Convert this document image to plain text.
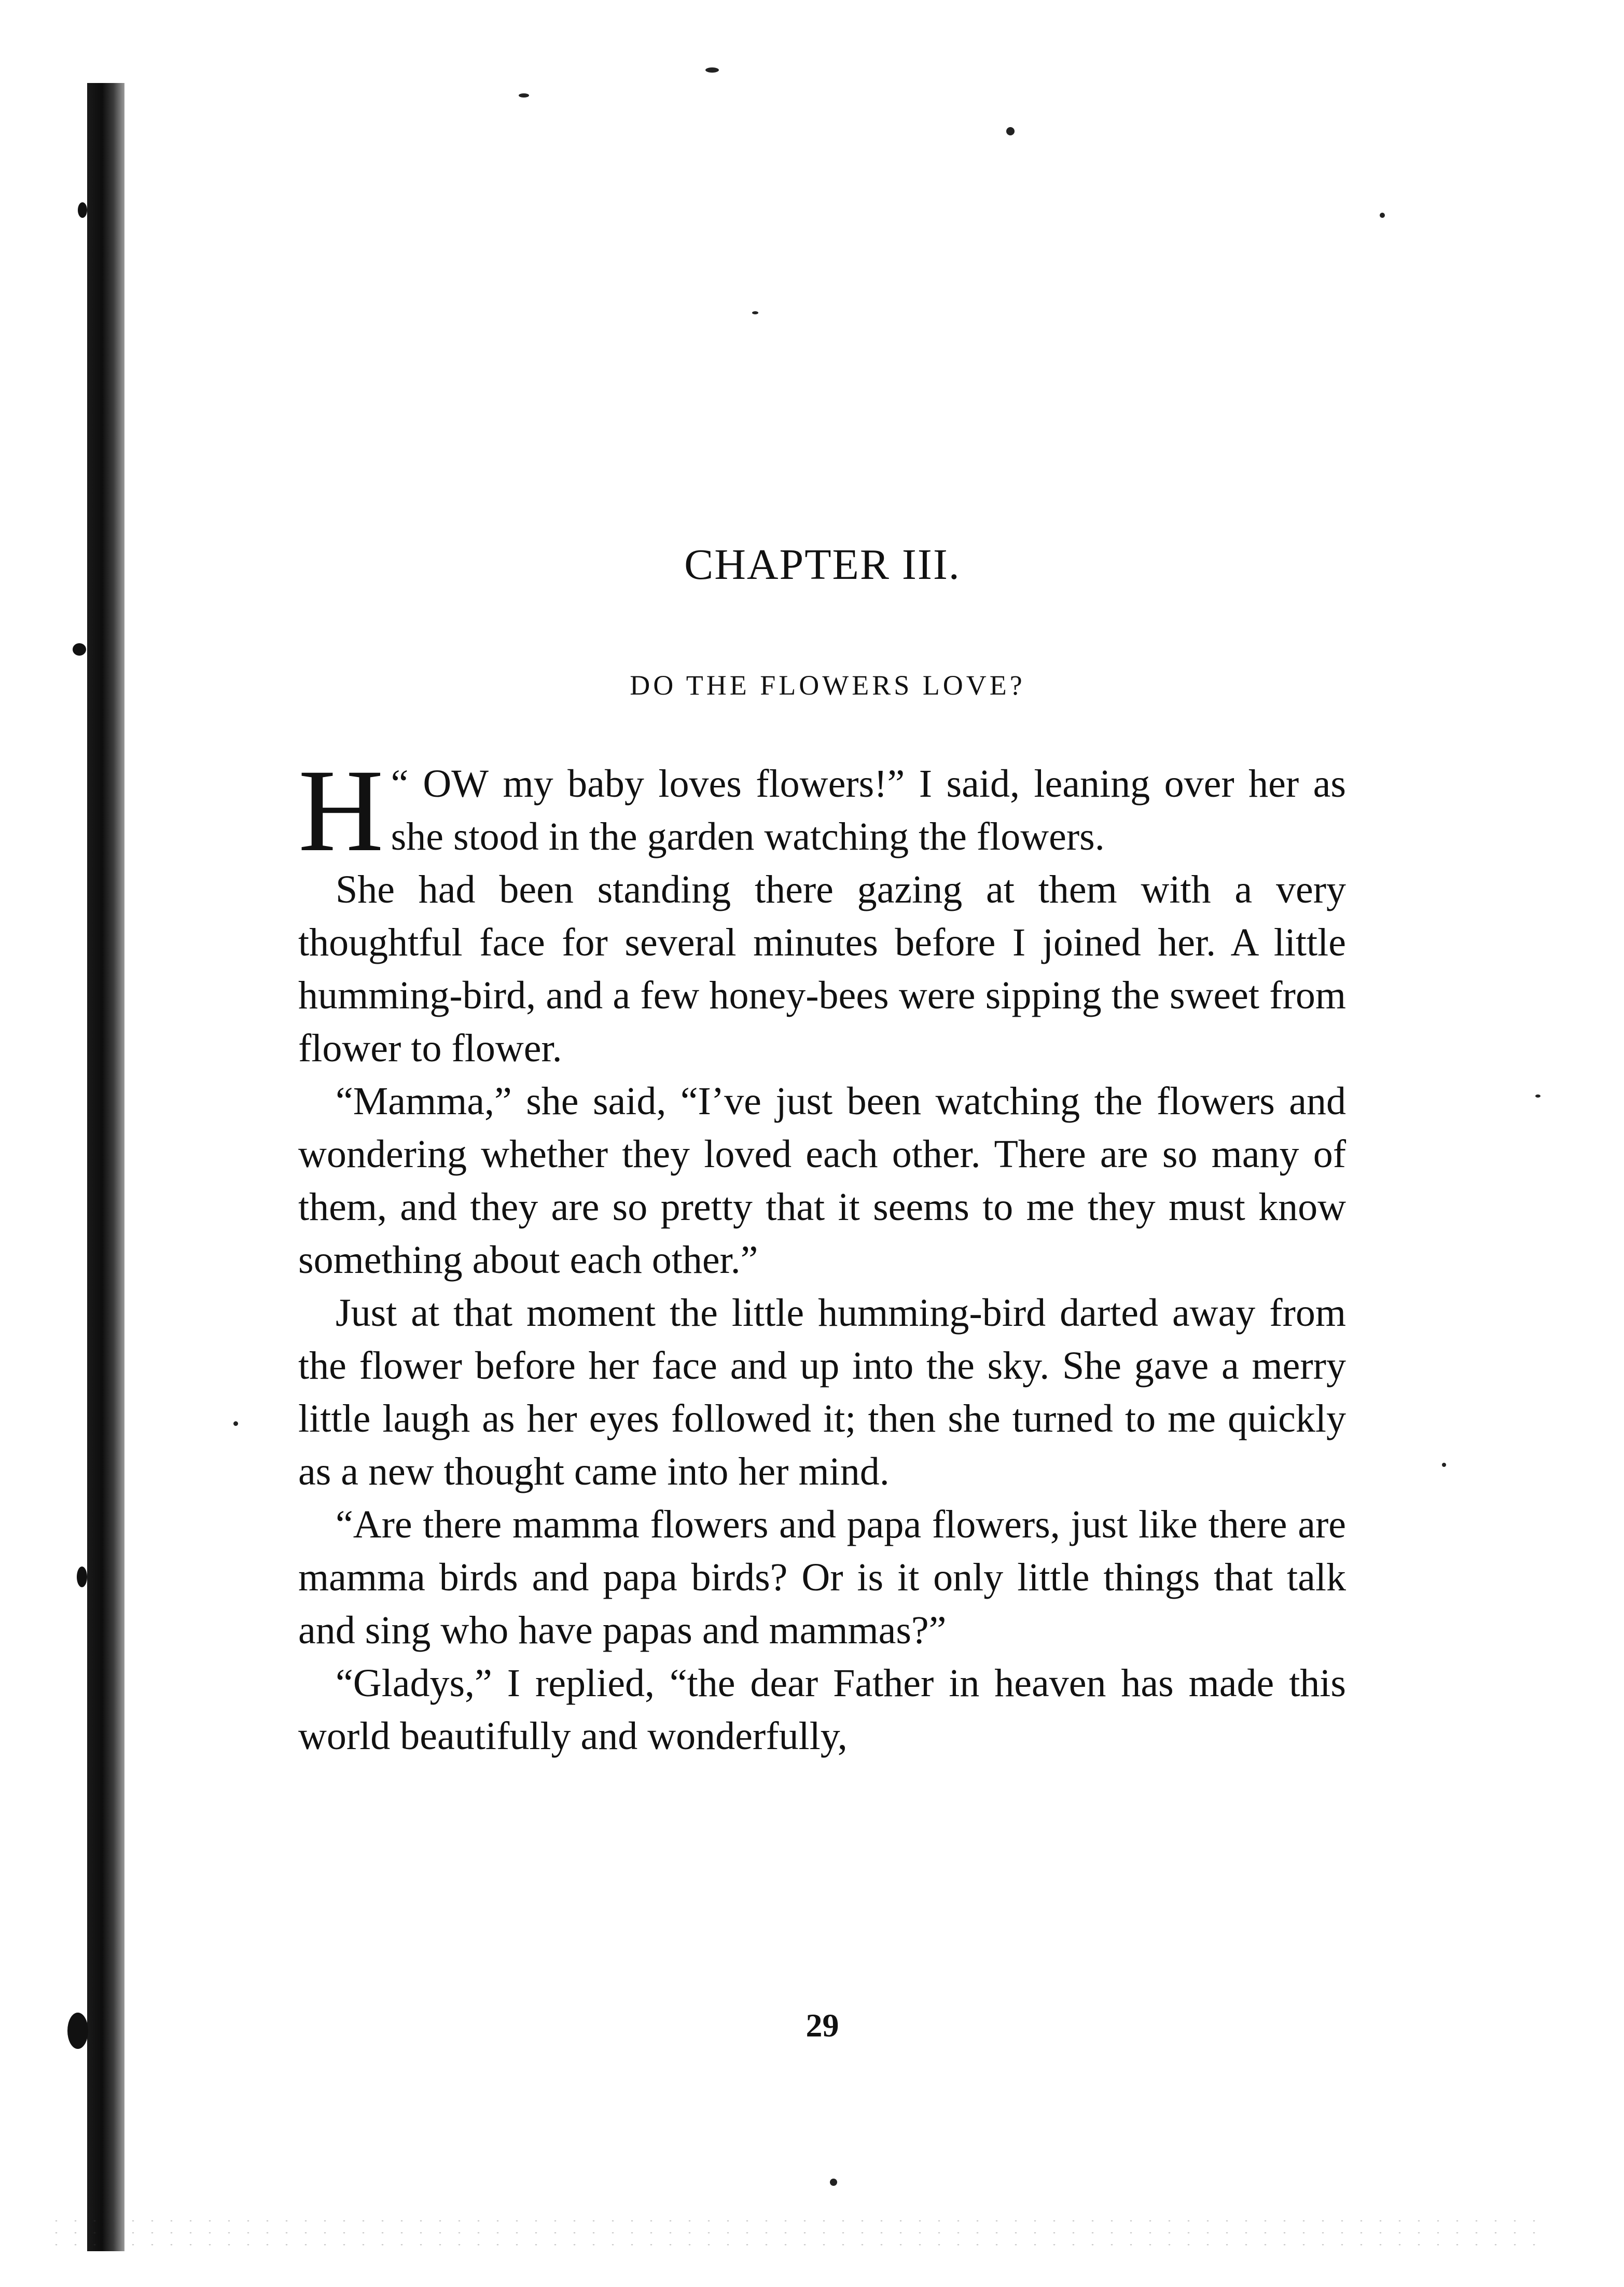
CHAPTER III.
DO THE FLOWERS LOVE?

“
H OW my baby loves flowers!” I said, leaning over her as she stood in the garden watching the flowers.

She had been standing there gazing at them with a very thoughtful face for several minutes before I joined her. A little humming-bird, and a few honey-bees were sipping the sweet from flower to flower.

“Mamma,” she said, “I’ve just been watching the flowers and wondering whether they loved each other. There are so many of them, and they are so pretty that it seems to me they must know something about each other.”

Just at that moment the little humming-bird darted away from the flower before her face and up into the sky. She gave a merry little laugh as her eyes followed it; then she turned to me quickly as a new thought came into her mind.

“Are there mamma flowers and papa flowers, just like there are mamma birds and papa birds? Or is it only little things that talk and sing who have papas and mammas?”

“Gladys,” I replied, “the dear Father in heaven has made this world beautifully and wonderfully,

29
